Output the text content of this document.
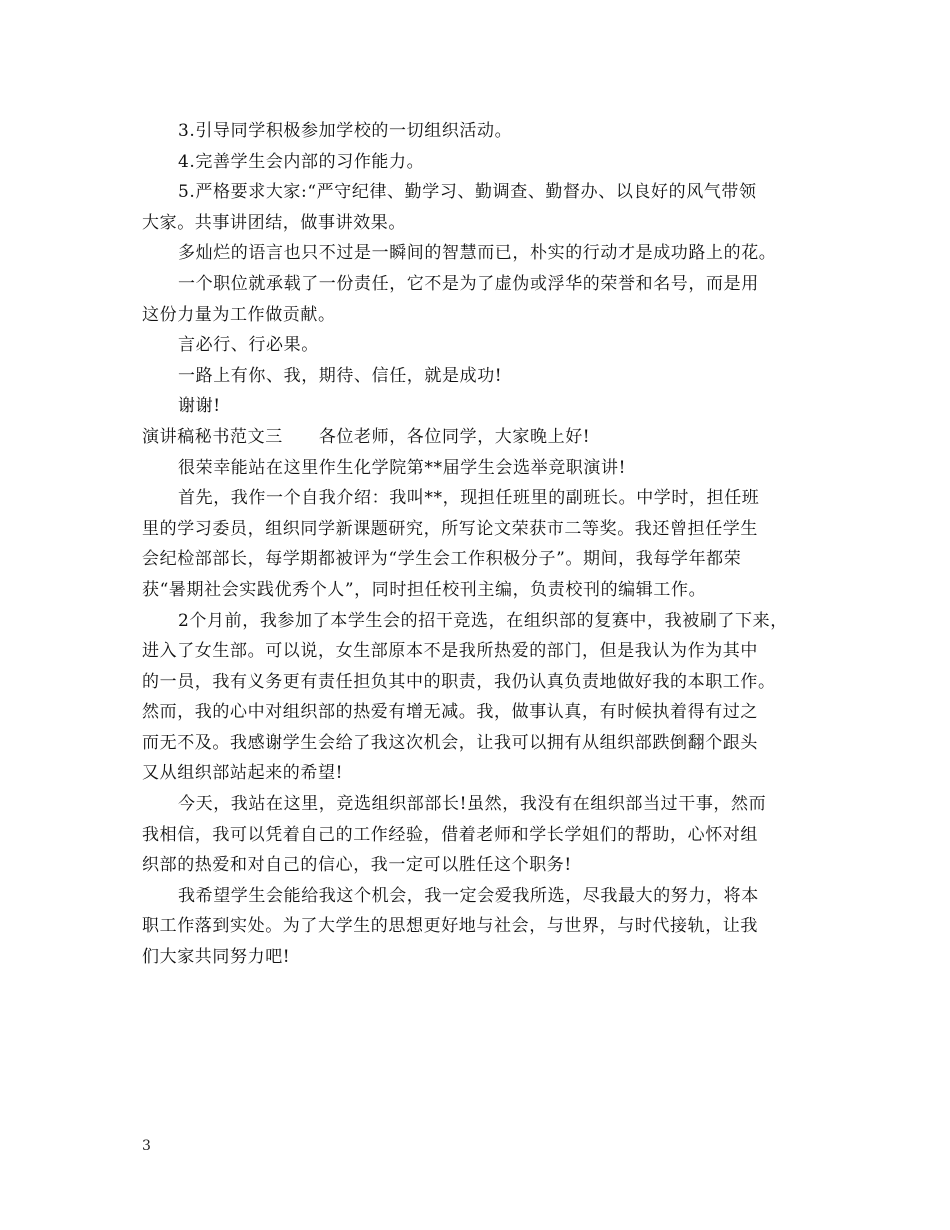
3.引导同学积极参加学校的一切组织活动。
4.完善学生会内部的习作能力。
5.严格要求大家:“严守纪律、勤学习、勤调查、勤督办、以良好的风气带领
大家。共事讲团结，做事讲效果。
多灿烂的语言也只不过是一瞬间的智慧而已，朴实的行动才是成功路上的花。
一个职位就承载了一份责任，它不是为了虚伪或浮华的荣誉和名号，而是用
这份力量为工作做贡献。
言必行、行必果。
一路上有你、我，期待、信任，就是成功!
谢谢!
演讲稿秘书范文三 各位老师，各位同学，大家晚上好!
很荣幸能站在这里作生化学院第**届学生会选举竞职演讲!
首先，我作一个自我介绍：我叫**，现担任班里的副班长。中学时，担任班
里的学习委员，组织同学新课题研究，所写论文荣获市二等奖。我还曾担任学生
会纪检部部长，每学期都被评为“学生会工作积极分子”。期间，我每学年都荣
获“暑期社会实践优秀个人”，同时担任校刊主编，负责校刊的编辑工作。
2个月前，我参加了本学生会的招干竞选，在组织部的复赛中，我被刷了下来，
进入了女生部。可以说，女生部原本不是我所热爱的部门，但是我认为作为其中
的一员，我有义务更有责任担负其中的职责，我仍认真负责地做好我的本职工作。
然而，我的心中对组织部的热爱有增无减。我，做事认真，有时候执着得有过之
而无不及。我感谢学生会给了我这次机会，让我可以拥有从组织部跌倒翻个跟头
又从组织部站起来的希望!
今天，我站在这里，竞选组织部部长!虽然，我没有在组织部当过干事，然而
我相信，我可以凭着自己的工作经验，借着老师和学长学姐们的帮助，心怀对组
织部的热爱和对自己的信心，我一定可以胜任这个职务!
我希望学生会能给我这个机会，我一定会爱我所选，尽我最大的努力，将本
职工作落到实处。为了大学生的思想更好地与社会，与世界，与时代接轨，让我
们大家共同努力吧!
3
